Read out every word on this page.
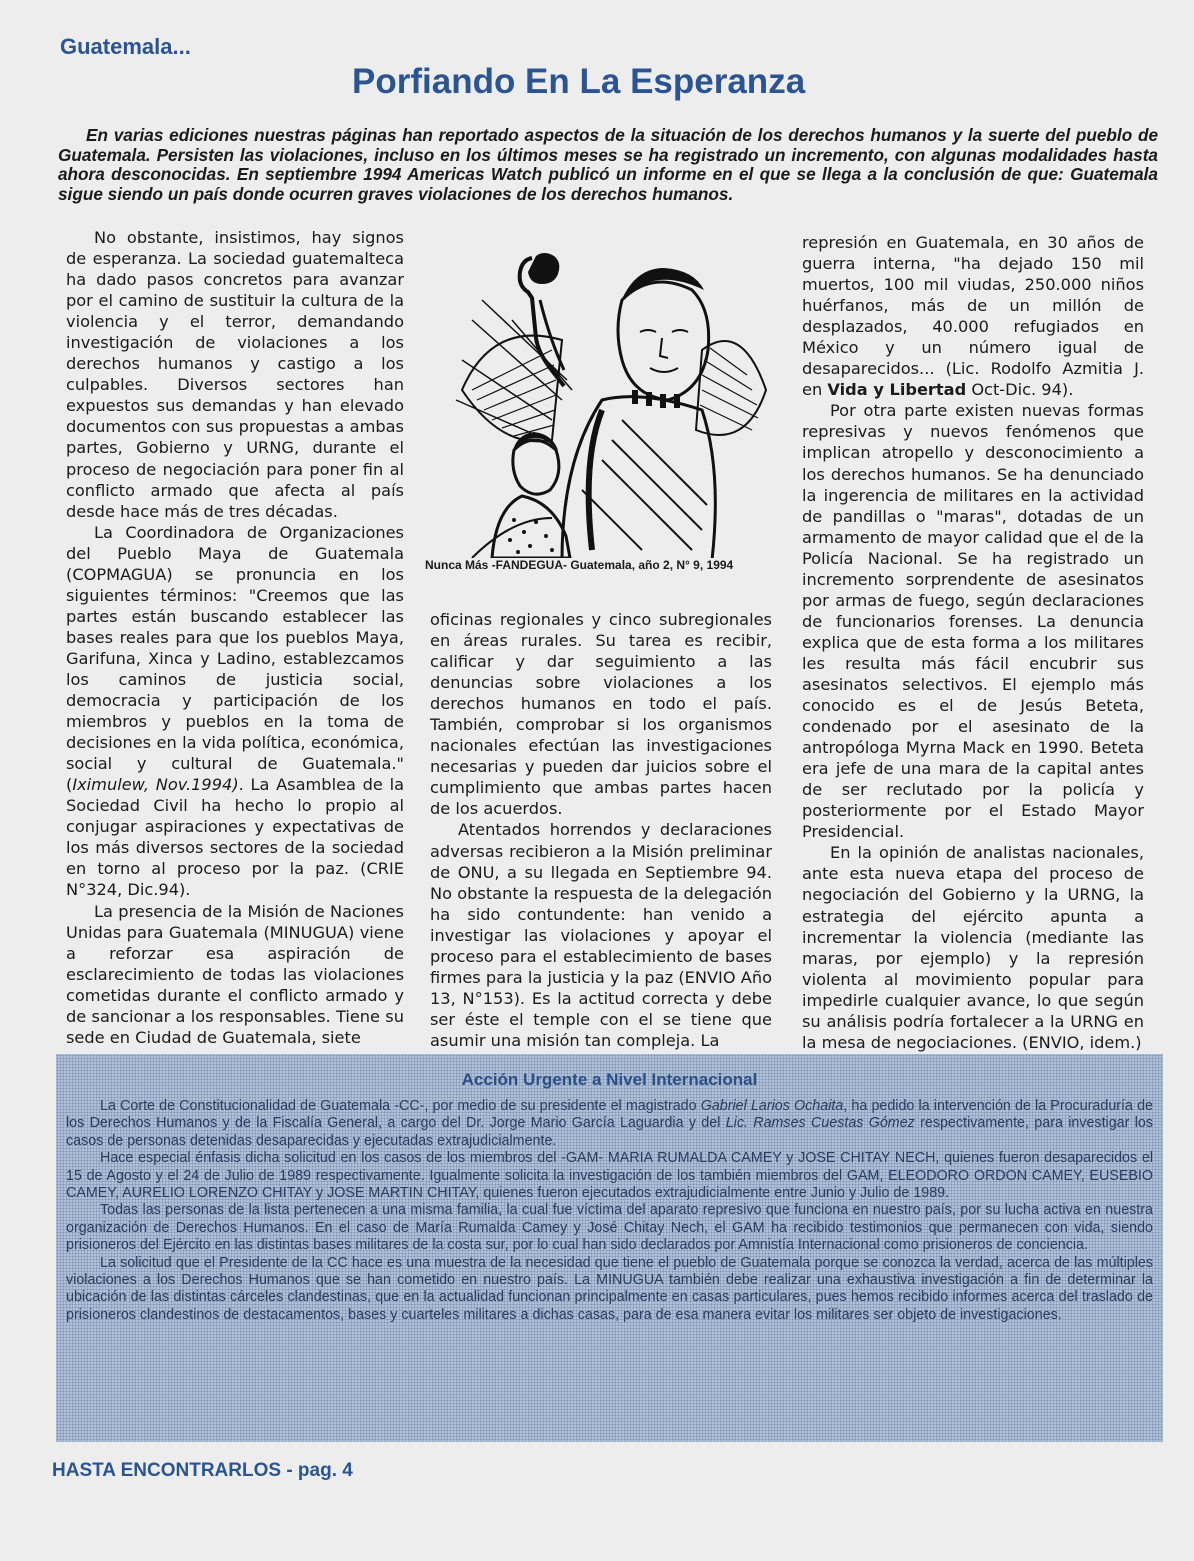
Guatemala...
Porfiando En La Esperanza

En varias ediciones nuestras páginas han reportado aspectos de la situación de los derechos humanos y la suerte del pueblo de Guatemala. Persisten las violaciones, incluso en los últimos meses se ha registrado un incremento, con algunas modalidades hasta ahora desconocidas. En septiembre 1994 Americas Watch publicó un informe en el que se llega a la conclusión de que: Guatemala sigue siendo un país donde ocurren graves violaciones de los derechos humanos.

No obstante, insistimos, hay signos de esperanza. La sociedad guatemalteca ha dado pasos concretos para avanzar por el camino de sustituir la cultura de la violencia y el terror, demandando investigación de violaciones a los derechos humanos y castigo a los culpables. Diversos sectores han expuestos sus demandas y han elevado documentos con sus propuestas a ambas partes, Gobierno y URNG, durante el proceso de negociación para poner fin al conflicto armado que afecta al país desde hace más de tres décadas.

La Coordinadora de Organizaciones del Pueblo Maya de Guatemala (COPMAGUA) se pronuncia en los siguientes términos: "Creemos que las partes están buscando establecer las bases reales para que los pueblos Maya, Garifuna, Xinca y Ladino, establezcamos los caminos de justicia social, democracia y participación de los miembros y pueblos en la toma de decisiones en la vida política, económica, social y cultural de Guatemala." (Iximulew, Nov.1994). La Asamblea de la Sociedad Civil ha hecho lo propio al conjugar aspiraciones y expectativas de los más diversos sectores de la sociedad en torno al proceso por la paz. (CRIE N°324, Dic.94).

La presencia de la Misión de Naciones Unidas para Guatemala (MINUGUA) viene a reforzar esa aspiración de esclarecimiento de todas las violaciones cometidas durante el conflicto armado y de sancionar a los responsables. Tiene su sede en Ciudad de Guatemala, siete

Nunca Más -FANDEGUA- Guatemala, año 2, N° 9, 1994

oficinas regionales y cinco subregionales en áreas rurales. Su tarea es recibir, calificar y dar seguimiento a las denuncias sobre violaciones a los derechos humanos en todo el país. También, comprobar si los organismos nacionales efectúan las investigaciones necesarias y pueden dar juicios sobre el cumplimiento que ambas partes hacen de los acuerdos.

Atentados horrendos y declaraciones adversas recibieron a la Misión preliminar de ONU, a su llegada en Septiembre 94. No obstante la respuesta de la delegación ha sido contundente: han venido a investigar las violaciones y apoyar el proceso para el establecimiento de bases firmes para la justicia y la paz (ENVIO Año 13, N°153). Es la actitud correcta y debe ser éste el temple con el se tiene que asumir una misión tan compleja. La

represión en Guatemala, en 30 años de guerra interna, "ha dejado 150 mil muertos, 100 mil viudas, 250.000 niños huérfanos, más de un millón de desplazados, 40.000 refugiados en México y un número igual de desaparecidos... (Lic. Rodolfo Azmitia J. en Vida y Libertad Oct-Dic. 94).

Por otra parte existen nuevas formas represivas y nuevos fenómenos que implican atropello y desconocimiento a los derechos humanos. Se ha denunciado la ingerencia de militares en la actividad de pandillas o "maras", dotadas de un armamento de mayor calidad que el de la Policía Nacional. Se ha registrado un incremento sorprendente de asesinatos por armas de fuego, según declaraciones de funcionarios forenses. La denuncia explica que de esta forma a los militares les resulta más fácil encubrir sus asesinatos selectivos. El ejemplo más conocido es el de Jesús Beteta, condenado por el asesinato de la antropóloga Myrna Mack en 1990. Beteta era jefe de una mara de la capital antes de ser reclutado por la policía y posteriormente por el Estado Mayor Presidencial.

En la opinión de analistas nacionales, ante esta nueva etapa del proceso de negociación del Gobierno y la URNG, la estrategia del ejército apunta a incrementar la violencia (mediante las maras, por ejemplo) y la represión violenta al movimiento popular para impedirle cualquier avance, lo que según su análisis podría fortalecer a la URNG en la mesa de negociaciones. (ENVIO, idem.)

Acción Urgente a Nivel Internacional

La Corte de Constitucionalidad de Guatemala -CC-, por medio de su presidente el magistrado Gabriel Larios Ochaita, ha pedido la intervención de la Procuraduría de los Derechos Humanos y de la Fiscalía General, a cargo del Dr. Jorge Mario García Laguardia y del Lic. Ramses Cuestas Gómez respectivamente, para investigar los casos de personas detenidas desaparecidas y ejecutadas extrajudicialmente.

Hace especial énfasis dicha solicitud en los casos de los miembros del -GAM- MARIA RUMALDA CAMEY y JOSE CHITAY NECH, quienes fueron desaparecidos el 15 de Agosto y el 24 de Julio de 1989 respectivamente. Igualmente solicita la investigación de los también miembros del GAM, ELEODORO ORDON CAMEY, EUSEBIO CAMEY, AURELIO LORENZO CHITAY y JOSE MARTIN CHITAY, quienes fueron ejecutados extrajudicialmente entre Junio y Julio de 1989.

Todas las personas de la lista pertenecen a una misma familia, la cual fue víctima del aparato represivo que funciona en nuestro país, por su lucha activa en nuestra organización de Derechos Humanos. En el caso de María Rumalda Camey y José Chitay Nech, el GAM ha recibido testimonios que permanecen con vida, siendo prisioneros del Ejército en las distintas bases militares de la costa sur, por lo cual han sido declarados por Amnistía Internacional como prisioneros de conciencia.

La solicitud que el Presidente de la CC hace es una muestra de la necesidad que tiene el pueblo de Guatemala porque se conozca la verdad, acerca de las múltiples violaciones a los Derechos Humanos que se han cometido en nuestro país. La MINUGUA también debe realizar una exhaustiva investigación a fin de determinar la ubicación de las distintas cárceles clandestinas, que en la actualidad funcionan principalmente en casas particulares, pues hemos recibido informes acerca del traslado de prisioneros clandestinos de destacamentos, bases y cuarteles militares a dichas casas, para de esa manera evitar los militares ser objeto de investigaciones.

HASTA ENCONTRARLOS - pag. 4
